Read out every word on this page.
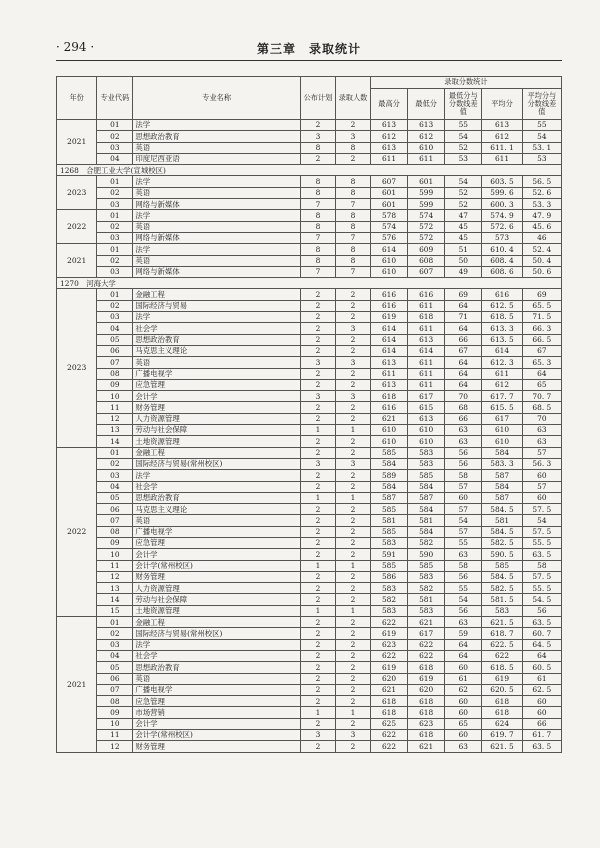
· 294 ·	第三章　录取统计
年份	专业代码	专业名称	公布计划	录取人数	录取分数统计				
					最高分	最低分	最低分与分数线差值	平均分	平均分与分数线差值
2021	01	法学	2	2	613	613	55	613	55
	02	思想政治教育	3	3	612	612	54	612	54
	03	英语	8	8	613	610	52	611. 1	53. 1
	04	印度尼西亚语	2	2	611	611	53	611	53
1268　合肥工业大学(宣城校区)									
2023	01	法学	8	8	607	601	54	603. 5	56. 5
	02	英语	8	8	601	599	52	599. 6	52. 6
	03	网络与新媒体	7	7	601	599	52	600. 3	53. 3
2022	01	法学	8	8	578	574	47	574. 9	47. 9
	02	英语	8	8	574	572	45	572. 6	45. 6
	03	网络与新媒体	7	7	576	572	45	573	46
2021	01	法学	8	8	614	609	51	610. 4	52. 4
	02	英语	8	8	610	608	50	608. 4	50. 4
	03	网络与新媒体	7	7	610	607	49	608. 6	50. 6
1270　河海大学									
2023	01	金融工程	2	2	616	616	69	616	69
	02	国际经济与贸易	2	2	616	611	64	612. 5	65. 5
	03	法学	2	2	619	618	71	618. 5	71. 5
	04	社会学	2	3	614	611	64	613. 3	66. 3
	05	思想政治教育	2	2	614	613	66	613. 5	66. 5
	06	马克思主义理论	2	2	614	614	67	614	67
	07	英语	3	3	613	611	64	612. 3	65. 3
	08	广播电视学	2	2	611	611	64	611	64
	09	应急管理	2	2	613	611	64	612	65
	10	会计学	3	3	618	617	70	617. 7	70. 7
	11	财务管理	2	2	616	615	68	615. 5	68. 5
	12	人力资源管理	2	2	621	613	66	617	70
	13	劳动与社会保障	1	1	610	610	63	610	63
	14	土地资源管理	2	2	610	610	63	610	63
2022	01	金融工程	2	2	585	583	56	584	57
	02	国际经济与贸易(常州校区)	3	3	584	583	56	583. 3	56. 3
	03	法学	2	2	589	585	58	587	60
	04	社会学	2	2	584	584	57	584	57
	05	思想政治教育	1	1	587	587	60	587	60
	06	马克思主义理论	2	2	585	584	57	584. 5	57. 5
	07	英语	2	2	581	581	54	581	54
	08	广播电视学	2	2	585	584	57	584. 5	57. 5
	09	应急管理	2	2	583	582	55	582. 5	55. 5
	10	会计学	2	2	591	590	63	590. 5	63. 5
	11	会计学(常州校区)	1	1	585	585	58	585	58
	12	财务管理	2	2	586	583	56	584. 5	57. 5
	13	人力资源管理	2	2	583	582	55	582. 5	55. 5
	14	劳动与社会保障	2	2	582	581	54	581. 5	54. 5
	15	土地资源管理	1	1	583	583	56	583	56
2021	01	金融工程	2	2	622	621	63	621. 5	63. 5
	02	国际经济与贸易(常州校区)	2	2	619	617	59	618. 7	60. 7
	03	法学	2	2	623	622	64	622. 5	64. 5
	04	社会学	2	2	622	622	64	622	64
	05	思想政治教育	2	2	619	618	60	618. 5	60. 5
	06	英语	2	2	620	619	61	619	61
	07	广播电视学	2	2	621	620	62	620. 5	62. 5
	08	应急管理	2	2	618	618	60	618	60
	09	市场营销	1	1	618	618	60	618	60
	10	会计学	2	2	625	623	65	624	66
	11	会计学(常州校区)	3	3	622	618	60	619. 7	61. 7
	12	财务管理	2	2	622	621	63	621. 5	63. 5
